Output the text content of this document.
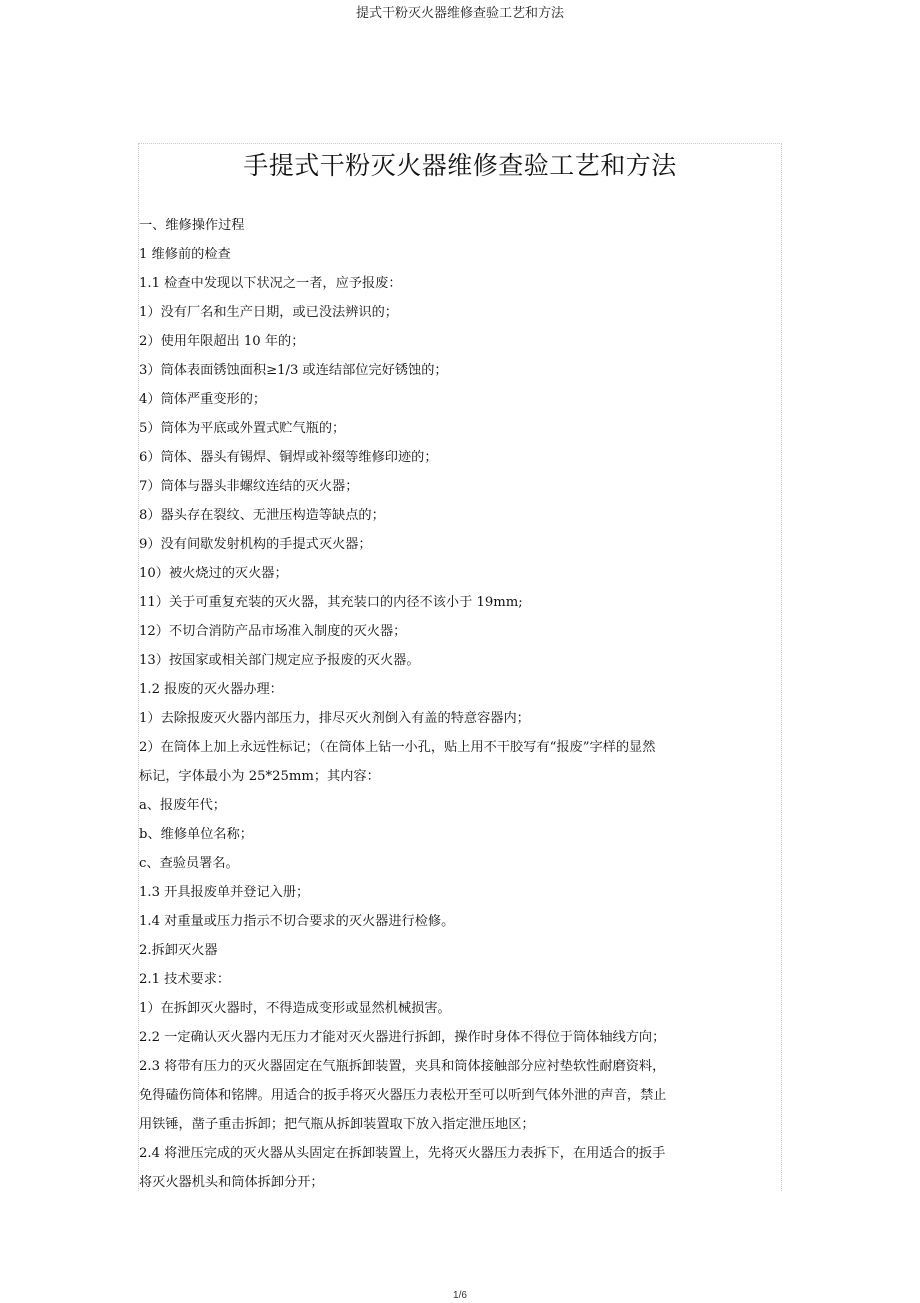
提式干粉灭火器维修查验工艺和方法
手提式干粉灭火器维修查验工艺和方法

一、维修操作过程

1 维修前的检查

1.1 检查中发现以下状况之一者，应予报废：

1）没有厂名和生产日期，或已没法辨识的；

2）使用年限超出 10 年的；

3）筒体表面锈蚀面积≥1/3 或连结部位完好锈蚀的；

4）筒体严重变形的；

5）筒体为平底或外置式贮气瓶的；

6）筒体、器头有锡焊、铜焊或补缀等维修印迹的；

7）筒体与器头非螺纹连结的灭火器；

8）器头存在裂纹、无泄压构造等缺点的；

9）没有间歇发射机构的手提式灭火器；

10）被火烧过的灭火器；

11）关于可重复充装的灭火器，其充装口的内径不该小于 19mm;

12）不切合消防产品市场准入制度的灭火器；

13）按国家或相关部门规定应予报废的灭火器。

1.2 报废的灭火器办理：

1）去除报废灭火器内部压力，排尽灭火剂倒入有盖的特意容器内；

2）在筒体上加上永远性标记；（在筒体上钻一小孔，贴上用不干胶写有“报废”字样的显然

标记，字体最小为 25*25mm；其内容：

a、报废年代；

b、维修单位名称；

c、查验员署名。

1.3 开具报废单并登记入册；

1.4 对重量或压力指示不切合要求的灭火器进行检修。

2.拆卸灭火器

2.1 技术要求：

1）在拆卸灭火器时，不得造成变形或显然机械损害。

2.2 一定确认灭火器内无压力才能对灭火器进行拆卸，操作时身体不得位于筒体轴线方向；

2.3 将带有压力的灭火器固定在气瓶拆卸装置，夹具和筒体接触部分应衬垫软性耐磨资料，

免得磕伤筒体和铭牌。用适合的扳手将灭火器压力表松开至可以听到气体外泄的声音，禁止

用铁锤，凿子重击拆卸；把气瓶从拆卸装置取下放入指定泄压地区；

2.4 将泄压完成的灭火器从头固定在拆卸装置上，先将灭火器压力表拆下，在用适合的扳手

将灭火器机头和筒体拆卸分开；

1/6
